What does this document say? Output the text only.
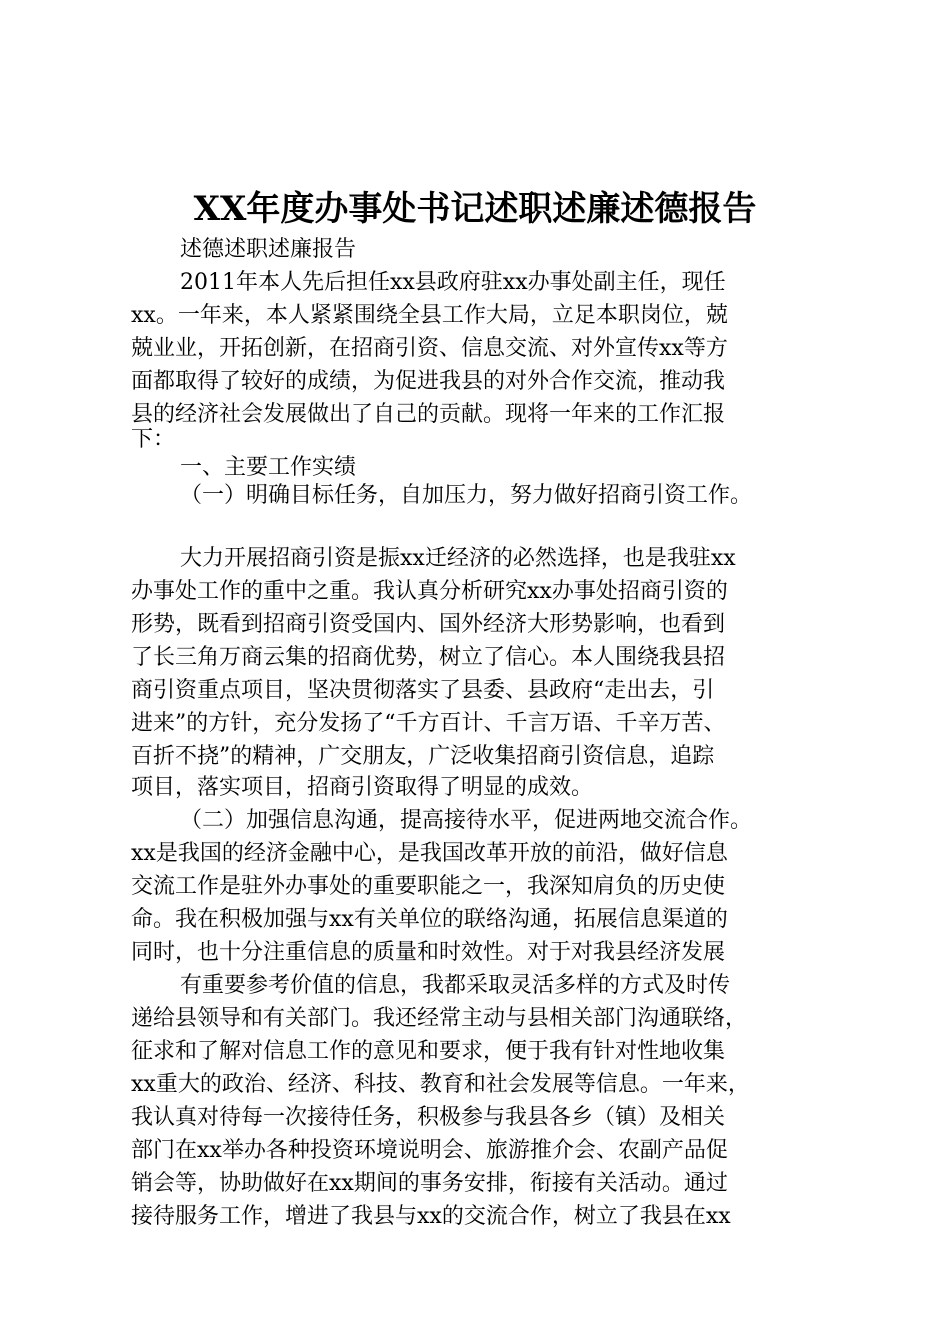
XX年度办事处书记述职述廉述德报告
述德述职述廉报告
2011年本人先后担任xx县政府驻xx办事处副主任，现任
xx。一年来，本人紧紧围绕全县工作大局，立足本职岗位，兢
兢业业，开拓创新，在招商引资、信息交流、对外宣传xx等方
面都取得了较好的成绩，为促进我县的对外合作交流，推动我
县的经济社会发展做出了自己的贡献。现将一年来的工作汇报
下：
一、主要工作实绩
（一）明确目标任务，自加压力，努力做好招商引资工作。
大力开展招商引资是振xx迁经济的必然选择，也是我驻xx
办事处工作的重中之重。我认真分析研究xx办事处招商引资的
形势，既看到招商引资受国内、国外经济大形势影响，也看到
了长三角万商云集的招商优势，树立了信心。本人围绕我县招
商引资重点项目，坚决贯彻落实了县委、县政府“走出去，引
进来”的方针，充分发扬了“千方百计、千言万语、千辛万苦、
百折不挠”的精神，广交朋友，广泛收集招商引资信息，追踪
项目，落实项目，招商引资取得了明显的成效。
（二）加强信息沟通，提高接待水平，促进两地交流合作。
xx是我国的经济金融中心，是我国改革开放的前沿，做好信息
交流工作是驻外办事处的重要职能之一，我深知肩负的历史使
命。我在积极加强与xx有关单位的联络沟通，拓展信息渠道的
同时，也十分注重信息的质量和时效性。对于对我县经济发展
有重要参考价值的信息，我都采取灵活多样的方式及时传
递给县领导和有关部门。我还经常主动与县相关部门沟通联络，
征求和了解对信息工作的意见和要求，便于我有针对性地收集
xx重大的政治、经济、科技、教育和社会发展等信息。一年来，
我认真对待每一次接待任务，积极参与我县各乡（镇）及相关
部门在xx举办各种投资环境说明会、旅游推介会、农副产品促
销会等，协助做好在xx期间的事务安排，衔接有关活动。通过
接待服务工作，增进了我县与xx的交流合作，树立了我县在xx
